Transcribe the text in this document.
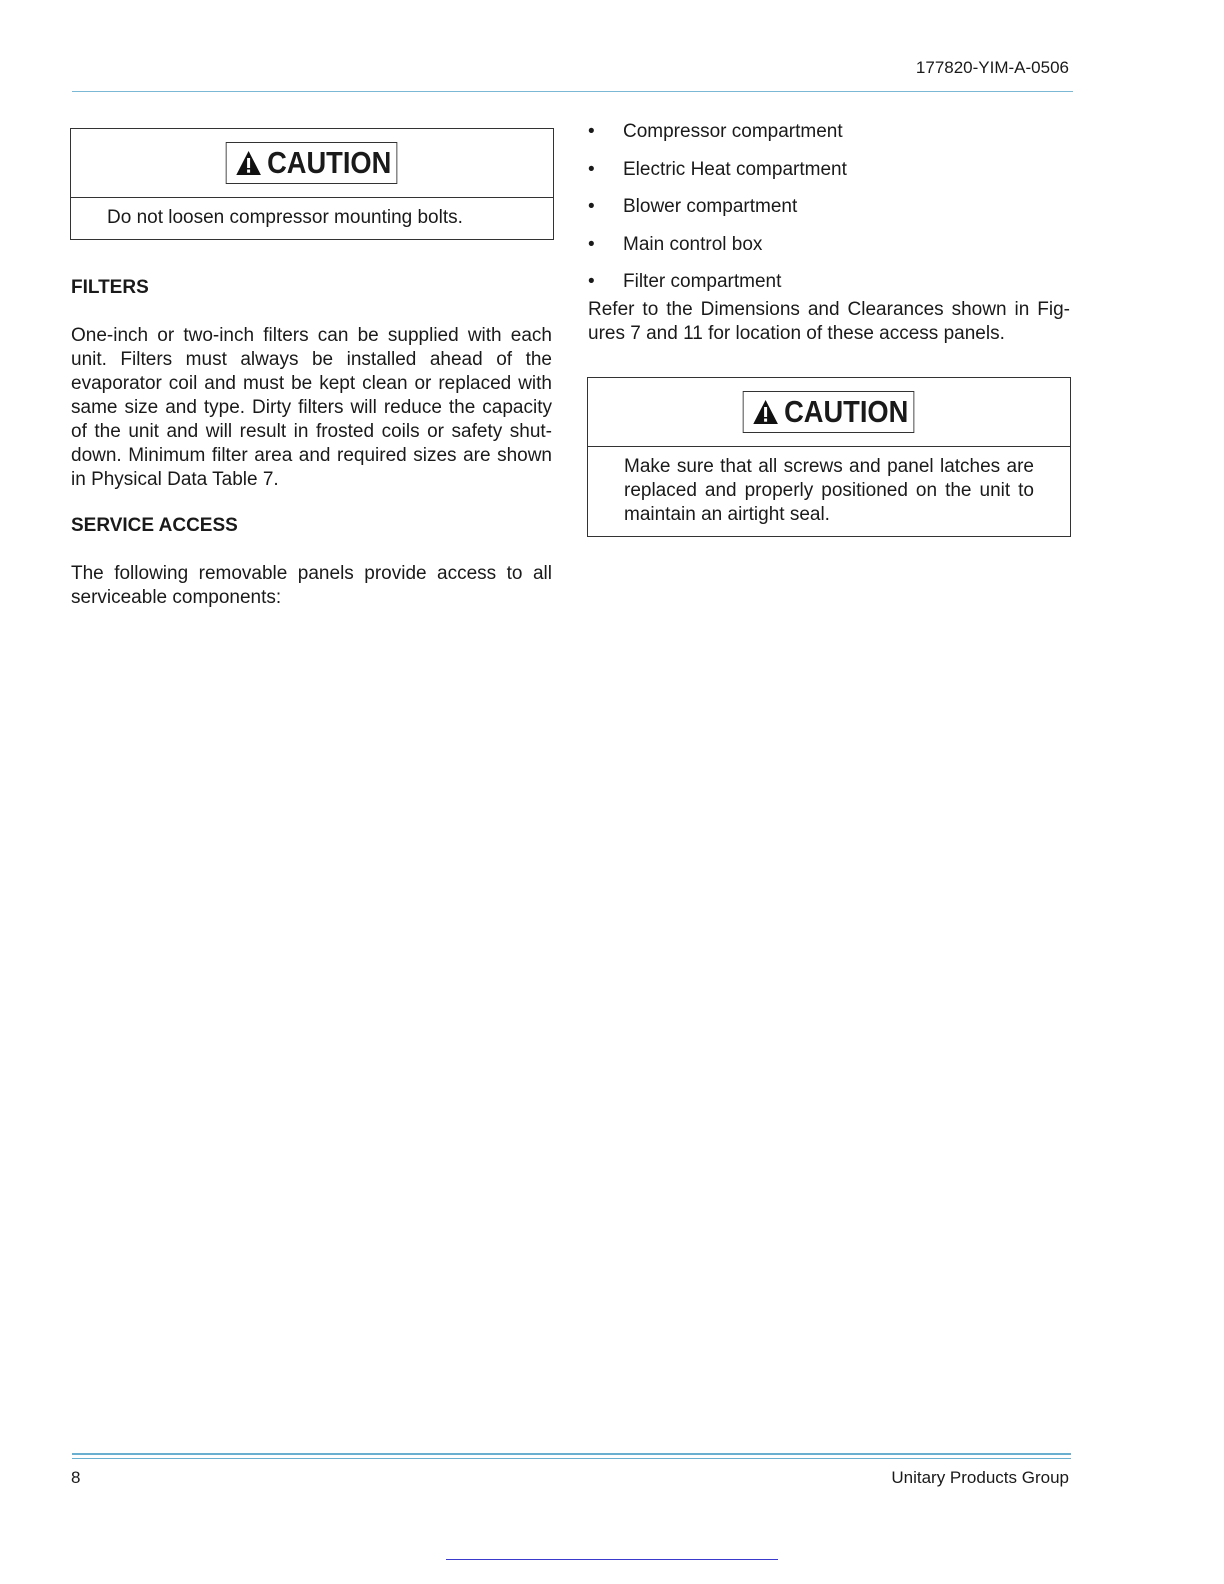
177820-YIM-A-0506
CAUTION
Do not loosen compressor mounting bolts.
FILTERS

One-inch or two-inch filters can be supplied with each unit. Filters must always be installed ahead of the evaporator coil and must be kept clean or replaced with same size and type. Dirty filters will reduce the capacity of the unit and will result in frosted coils or safety shut-down. Minimum filter area and required sizes are shown in Physical Data Table 7.

SERVICE ACCESS

The following removable panels provide access to all serviceable components:

•	Compressor compartment
•	Electric Heat compartment
•	Blower compartment
•	Main control box
•	Filter compartment

Refer to the Dimensions and Clearances shown in Fig-ures 7 and 11 for location of these access panels.

CAUTION
Make sure that all screws and panel latches are replaced and properly positioned on the unit to maintain an airtight seal.
8	Unitary Products Group
